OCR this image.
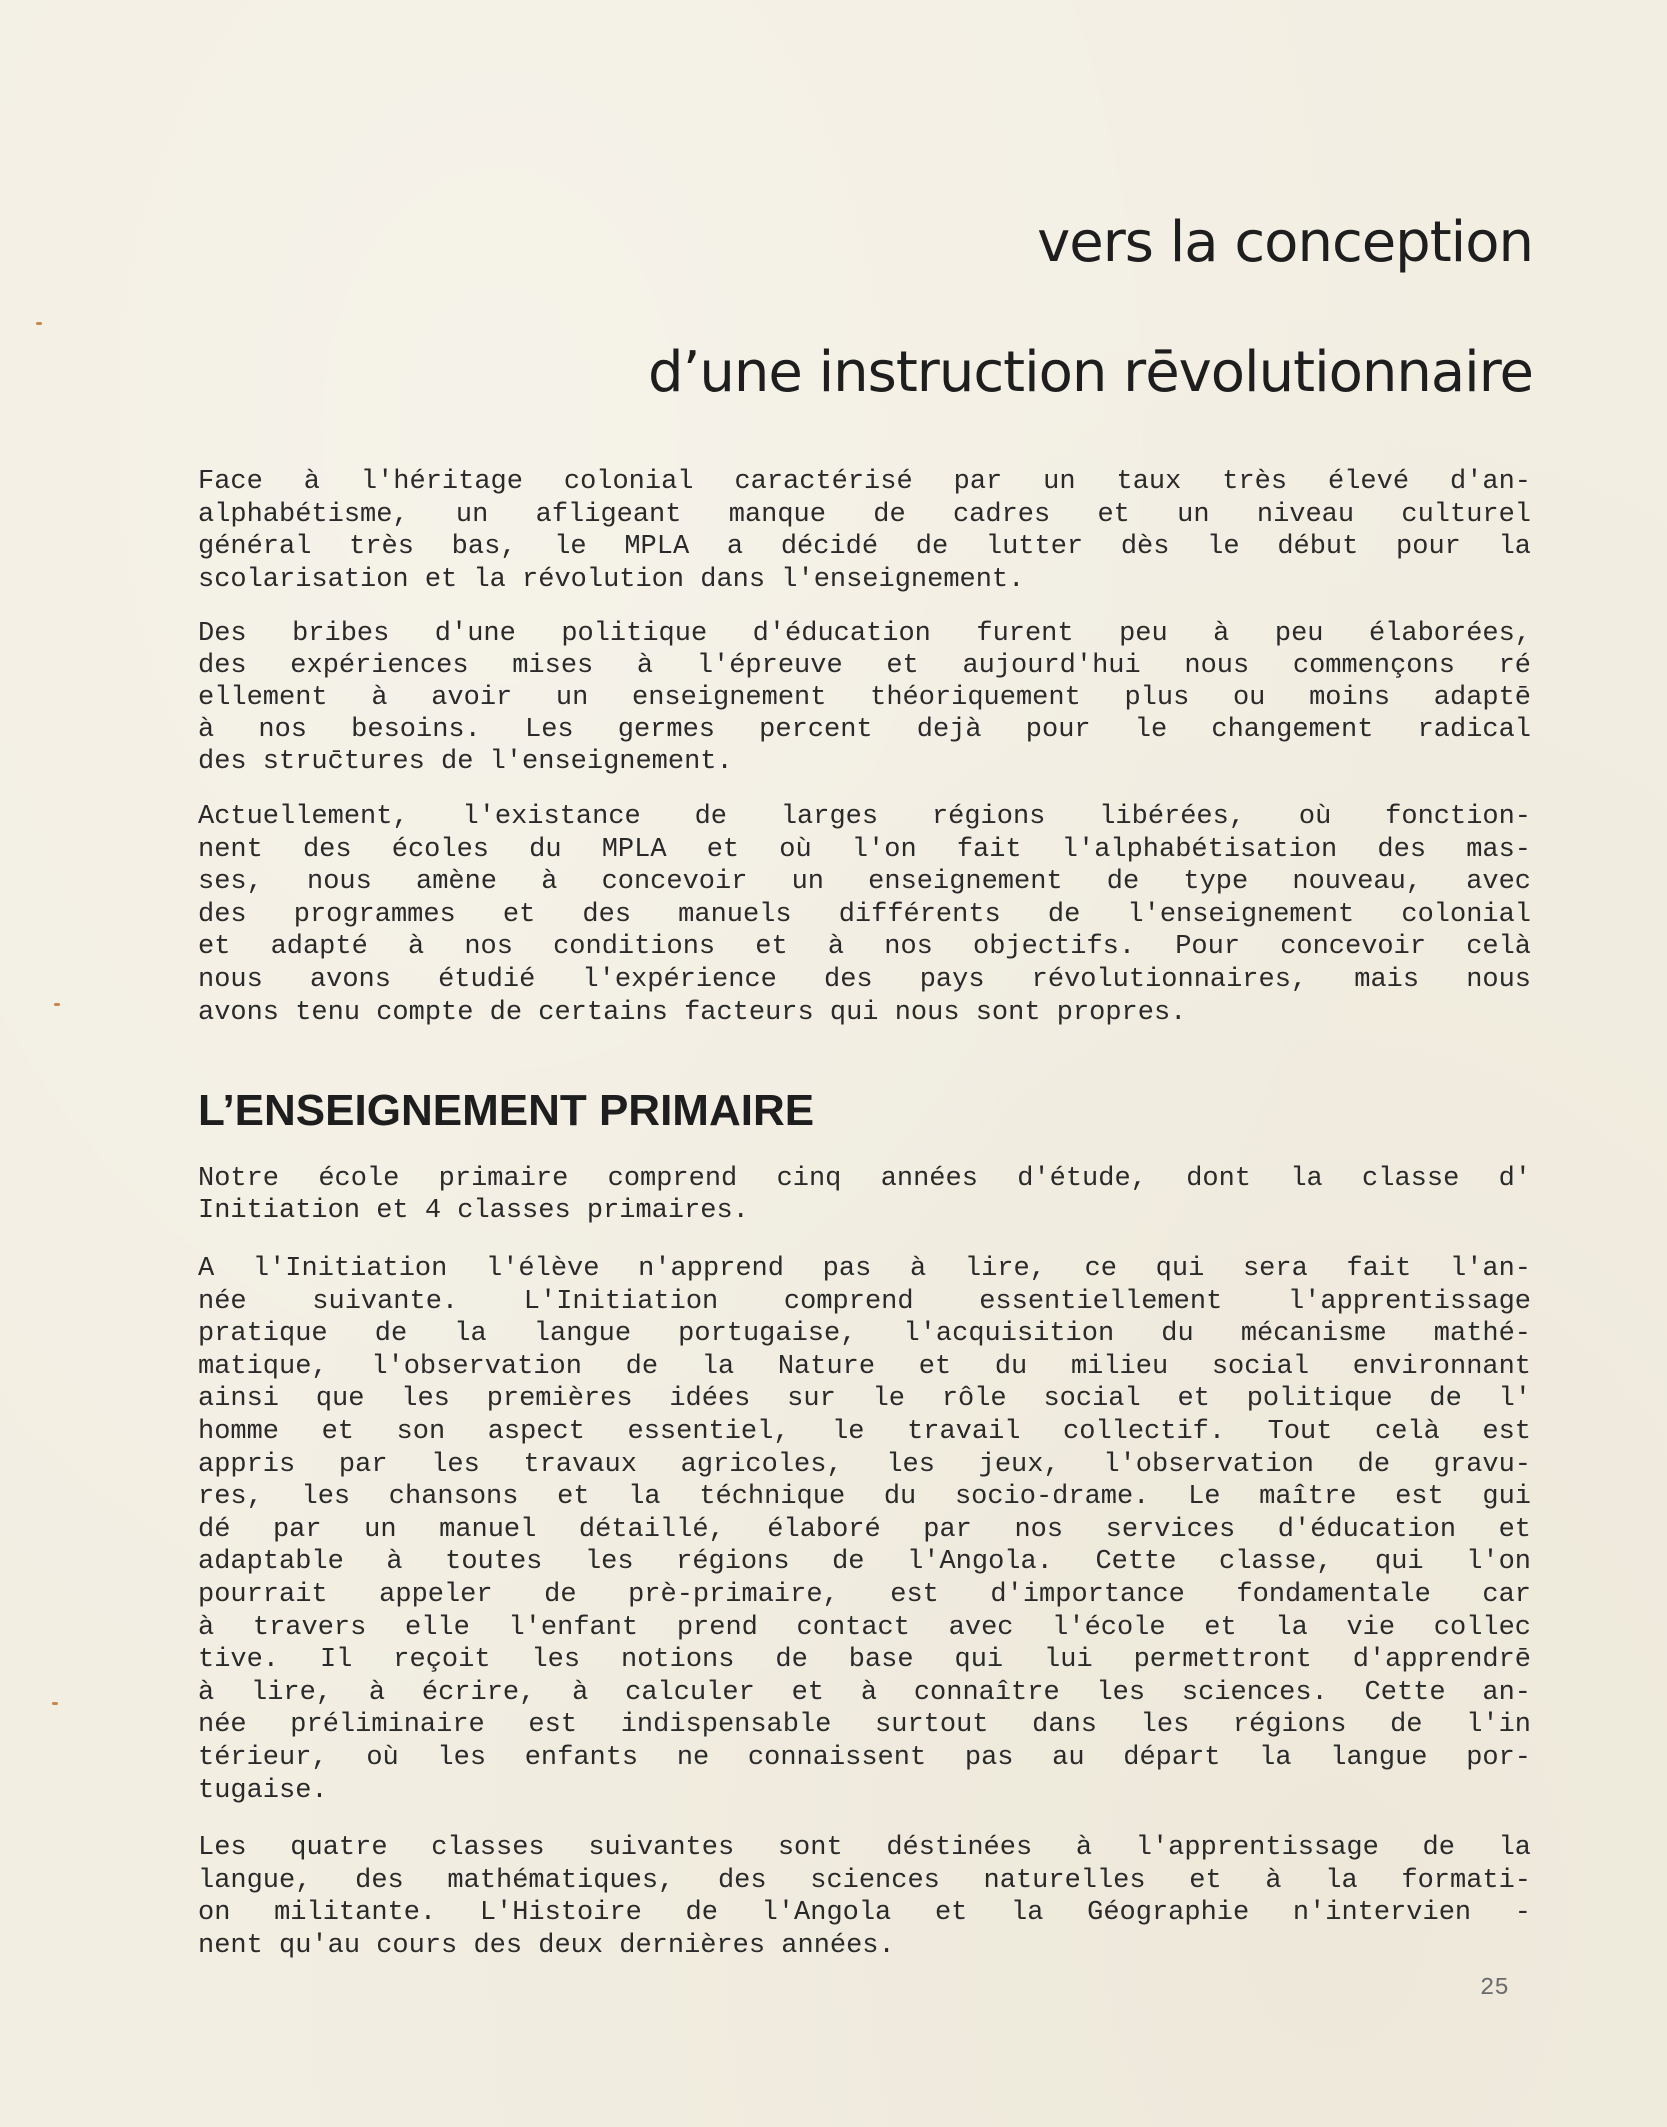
vers la conception
d’une instruction rēvolutionnaire
Face à l'héritage colonial caractérisé par un taux très élevé d'an-
alphabétisme, un afligeant manque de cadres et un niveau culturel
général très bas, le MPLA a décidé de lutter dès le début pour la
scolarisation et la révolution dans l'enseignement.
Des bribes d'une politique d'éducation furent peu à peu élaborées,
des expériences mises à l'épreuve et aujourd'hui nous commençons ré
ellement à avoir un enseignement théoriquement plus ou moins adaptē
à nos besoins. Les germes percent dejà pour le changement radical
des struc̄tures de l'enseignement.
Actuellement, l'existance de larges régions libérées, où fonction-
nent des écoles du MPLA et où l'on fait l'alphabétisation des mas-
ses, nous amène à concevoir un enseignement de type nouveau, avec
des programmes et des manuels différents de l'enseignement colonial
et adapté à nos conditions et à nos objectifs. Pour concevoir celà
nous avons étudié l'expérience des pays révolutionnaires, mais nous
avons tenu compte de certains facteurs qui nous sont propres.
L’ENSEIGNEMENT PRIMAIRE
Notre école primaire comprend cinq années d'étude, dont la classe d'
Initiation et 4 classes primaires.
A l'Initiation l'élève n'apprend pas à lire, ce qui sera fait l'an-
née suivante. L'Initiation comprend essentiellement l'apprentissage
pratique de la langue portugaise, l'acquisition du mécanisme mathé-
matique, l'observation de la Nature et du milieu social environnant
ainsi que les premières idées sur le rôle social et politique de l'
homme et son aspect essentiel, le travail collectif. Tout celà est
appris par les travaux agricoles, les jeux, l'observation de gravu-
res, les chansons et la téchnique du socio-drame. Le maître est gui
dé par un manuel détaillé, élaboré par nos services d'éducation et
adaptable à toutes les régions de l'Angola. Cette classe, qui l'on
pourrait appeler de prè-primaire, est d'importance fondamentale car
à travers elle l'enfant prend contact avec l'école et la vie collec
tive. Il reçoit les notions de base qui lui permettront d'apprendrē
à lire, à écrire, à calculer et à connaître les sciences. Cette an-
née préliminaire est indispensable surtout dans les régions de l'in
térieur, où les enfants ne connaissent pas au départ la langue por-
tugaise.
Les quatre classes suivantes sont déstinées à l'apprentissage de la
langue, des mathématiques, des sciences naturelles et à la formati-
on militante. L'Histoire de l'Angola et la Géographie n'intervien -
nent qu'au cours des deux dernières années.
25
